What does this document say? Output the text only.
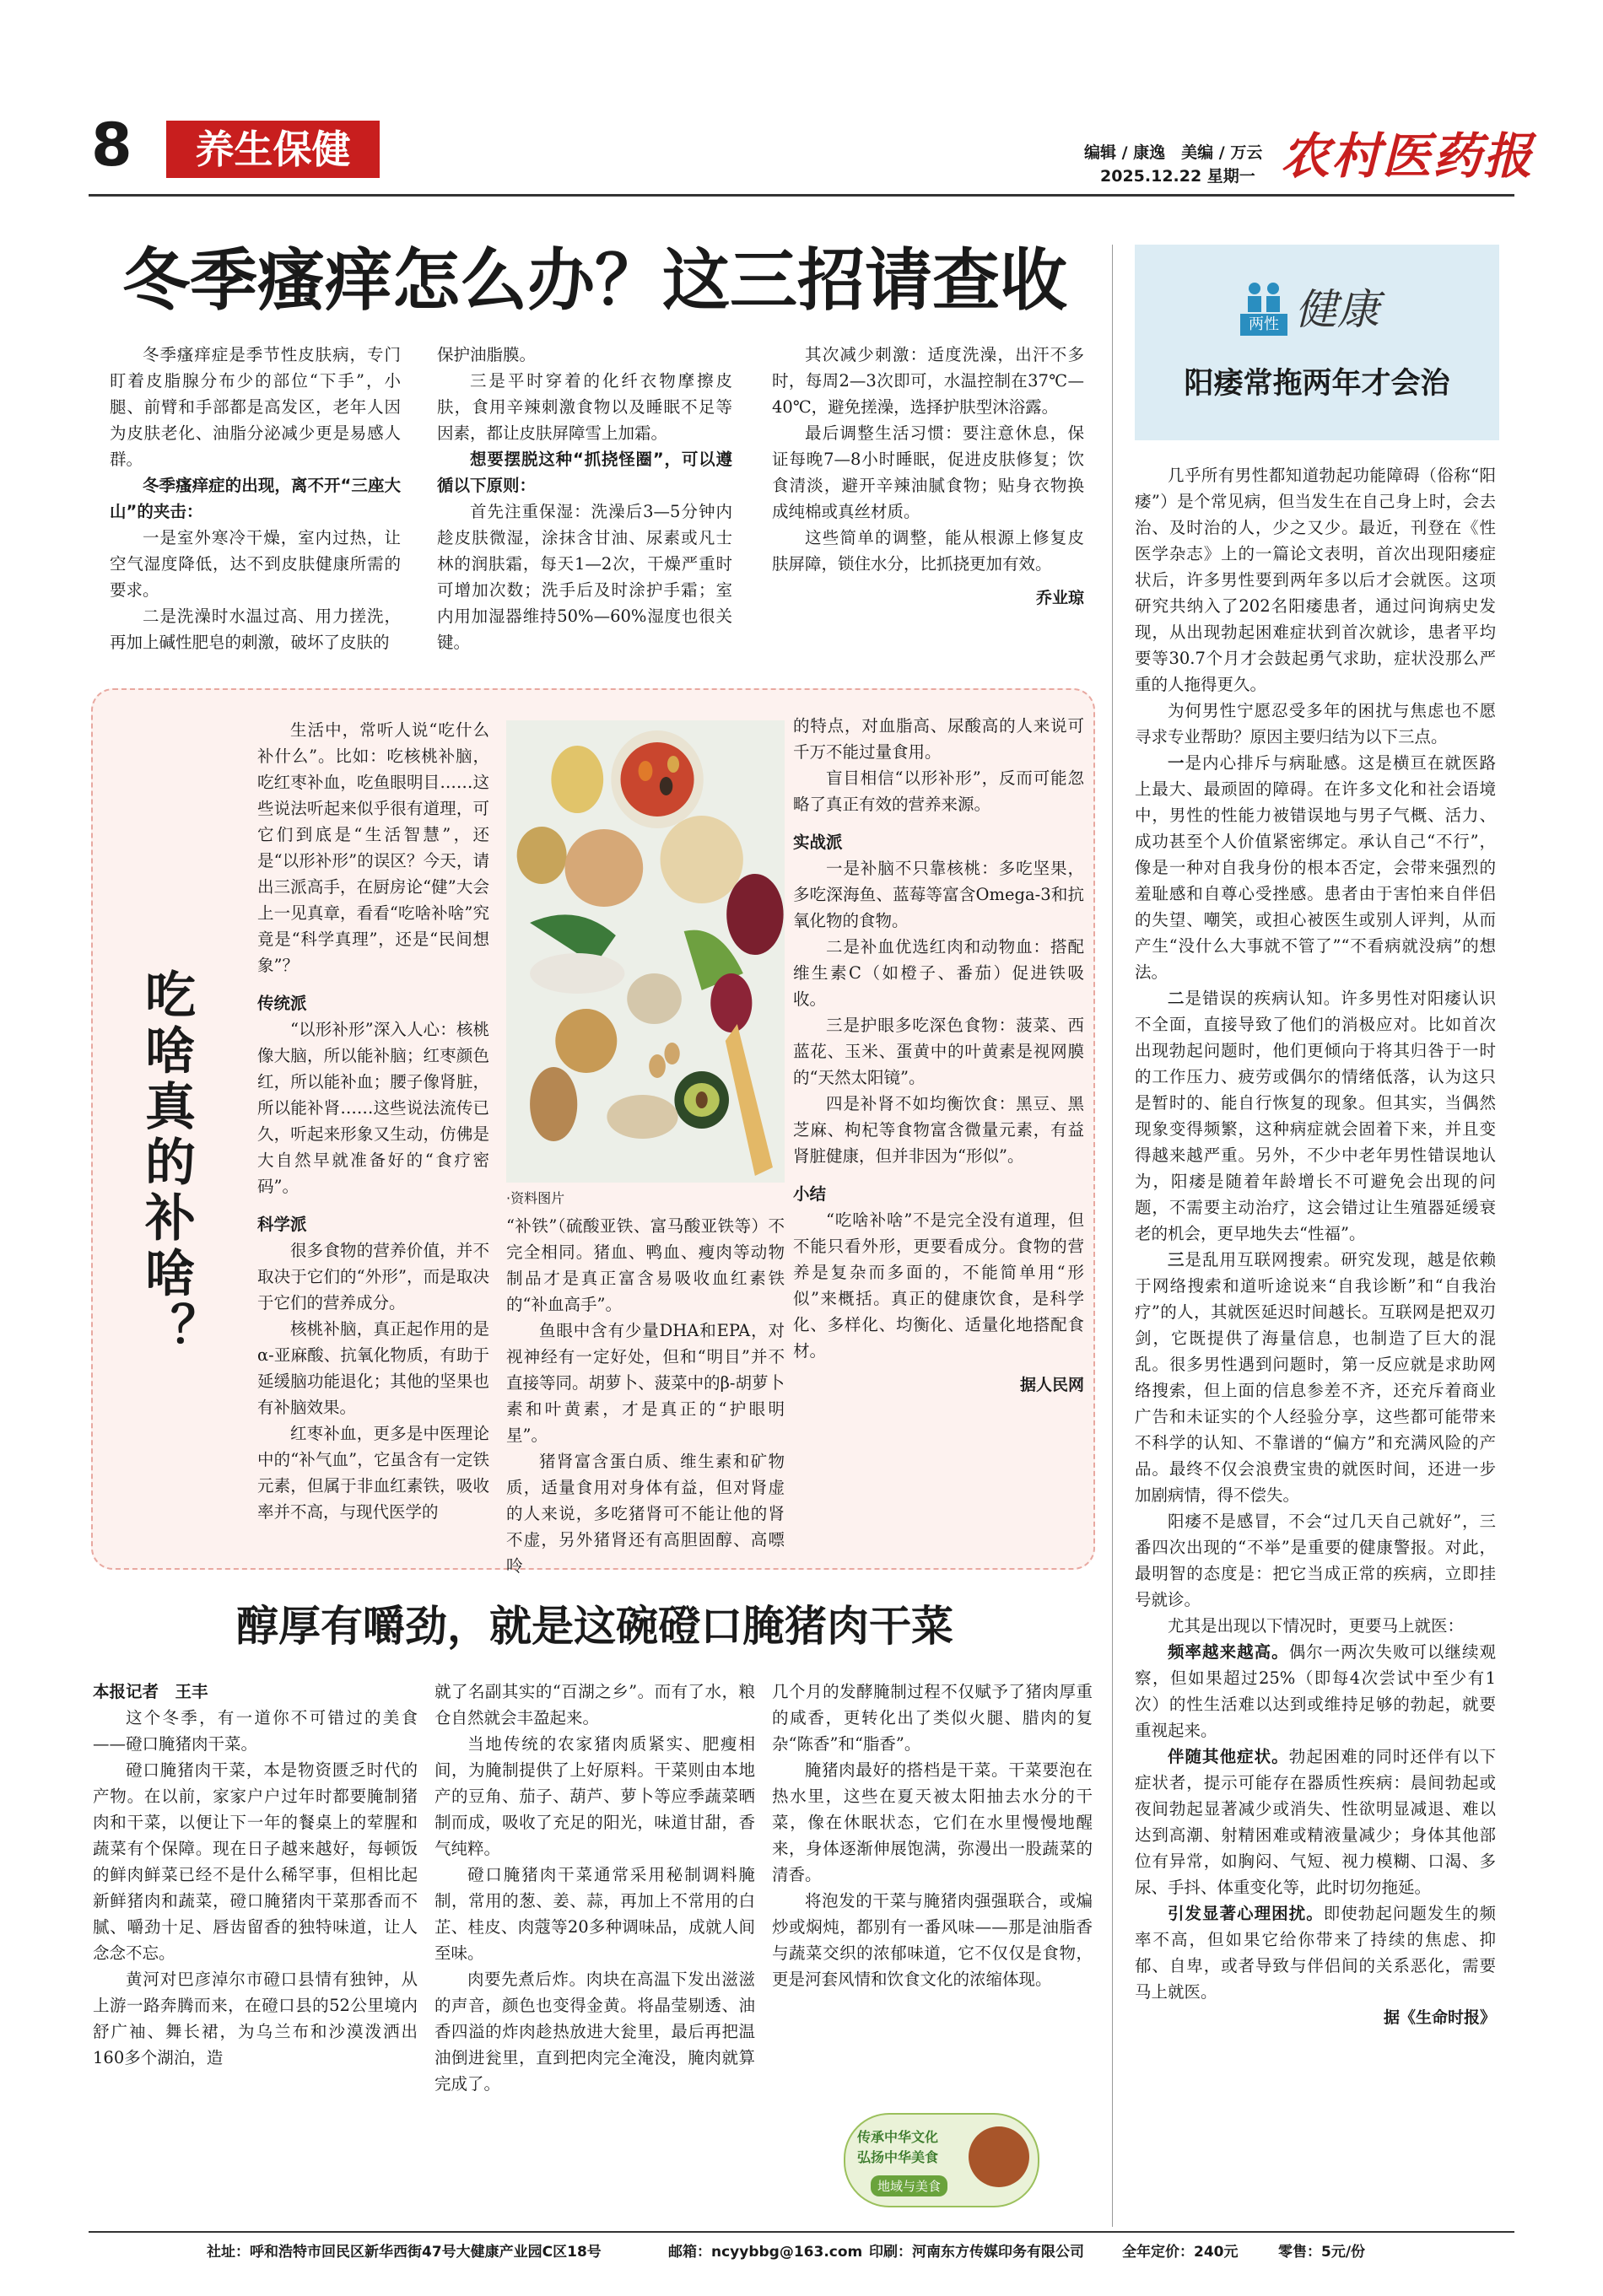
8	养生保健	编辑 / 康逸　美编 / 万云
2025.12.22 星期一 农村医药报
冬季瘙痒怎么办？这三招请查收

冬季瘙痒症是季节性皮肤病，专门盯着皮脂腺分布少的部位“下手”，小腿、前臂和手部都是高发区，老年人因为皮肤老化、油脂分泌减少更是易感人群。

冬季瘙痒症的出现，离不开“三座大山”的夹击：

一是室外寒冷干燥，室内过热，让空气湿度降低，达不到皮肤健康所需的要求。

二是洗澡时水温过高、用力搓洗，再加上碱性肥皂的刺激，破坏了皮肤的

保护油脂膜。

三是平时穿着的化纤衣物摩擦皮肤，食用辛辣刺激食物以及睡眠不足等因素，都让皮肤屏障雪上加霜。

想要摆脱这种“抓挠怪圈”，可以遵循以下原则：

首先注重保湿：洗澡后3—5分钟内趁皮肤微湿，涂抹含甘油、尿素或凡士林的润肤霜，每天1—2次，干燥严重时可增加次数；洗手后及时涂护手霜；室内用加湿器维持50%—60%湿度也很关键。

其次减少刺激：适度洗澡，出汗不多时，每周2—3次即可，水温控制在37℃—40℃，避免搓澡，选择护肤型沐浴露。

最后调整生活习惯：要注意休息，保证每晚7—8小时睡眠，促进皮肤修复；饮食清淡，避开辛辣油腻食物；贴身衣物换成纯棉或真丝材质。

这些简单的调整，能从根源上修复皮肤屏障，锁住水分，比抓挠更加有效。

乔业琼
吃啥真的补啥？

生活中，常听人说“吃什么补什么”。比如：吃核桃补脑，吃红枣补血，吃鱼眼明目……这些说法听起来似乎很有道理，可它们到底是“生活智慧”，还是“以形补形”的误区？今天，请出三派高手，在厨房论“健”大会上一见真章，看看“吃啥补啥”究竟是“科学真理”，还是“民间想象”？

传统派

“以形补形”深入人心：核桃像大脑，所以能补脑；红枣颜色红，所以能补血；腰子像肾脏，所以能补肾……这些说法流传已久，听起来形象又生动，仿佛是大自然早就准备好的“食疗密码”。

科学派

很多食物的营养价值，并不取决于它们的“外形”，而是取决于它们的营养成分。

核桃补脑，真正起作用的是α-亚麻酸、抗氧化物质，有助于延缓脑功能退化；其他的坚果也有补脑效果。

红枣补血，更多是中医理论中的“补气血”，它虽含有一定铁元素，但属于非血红素铁，吸收率并不高，与现代医学的

·资料图片

“补铁”（硫酸亚铁、富马酸亚铁等）不完全相同。猪血、鸭血、瘦肉等动物制品才是真正富含易吸收血红素铁的“补血高手”。

鱼眼中含有少量DHA和EPA，对视神经有一定好处，但和“明目”并不直接等同。胡萝卜、菠菜中的β-胡萝卜素和叶黄素，才是真正的“护眼明星”。

猪肾富含蛋白质、维生素和矿物质，适量食用对身体有益，但对肾虚的人来说，多吃猪肾可不能让他的肾不虚，另外猪肾还有高胆固醇、高嘌呤

的特点，对血脂高、尿酸高的人来说可千万不能过量食用。

盲目相信“以形补形”，反而可能忽略了真正有效的营养来源。

实战派

一是补脑不只靠核桃：多吃坚果，多吃深海鱼、蓝莓等富含Omega-3和抗氧化物的食物。

二是补血优选红肉和动物血：搭配维生素C（如橙子、番茄）促进铁吸收。

三是护眼多吃深色食物：菠菜、西蓝花、玉米、蛋黄中的叶黄素是视网膜的“天然太阳镜”。

四是补肾不如均衡饮食：黑豆、黑芝麻、枸杞等食物富含微量元素，有益肾脏健康，但并非因为“形似”。

小结

“吃啥补啥”不是完全没有道理，但不能只看外形，更要看成分。食物的营养是复杂而多面的，不能简单用“形似”来概括。真正的健康饮食，是科学化、多样化、均衡化、适量化地搭配食材。

据人民网
醇厚有嚼劲，就是这碗磴口腌猪肉干菜

本报记者　王丰

这个冬季，有一道你不可错过的美食——磴口腌猪肉干菜。

磴口腌猪肉干菜，本是物资匮乏时代的产物。在以前，家家户户过年时都要腌制猪肉和干菜，以便让下一年的餐桌上的荤腥和蔬菜有个保障。现在日子越来越好，每顿饭的鲜肉鲜菜已经不是什么稀罕事，但相比起新鲜猪肉和蔬菜，磴口腌猪肉干菜那香而不腻、嚼劲十足、唇齿留香的独特味道，让人念念不忘。

黄河对巴彦淖尔市磴口县情有独钟，从上游一路奔腾而来，在磴口县的52公里境内舒广袖、舞长裙，为乌兰布和沙漠泼洒出160多个湖泊，造

就了名副其实的“百湖之乡”。而有了水，粮仓自然就会丰盈起来。

当地传统的农家猪肉质紧实、肥瘦相间，为腌制提供了上好原料。干菜则由本地产的豆角、茄子、葫芦、萝卜等应季蔬菜晒制而成，吸收了充足的阳光，味道甘甜，香气纯粹。

磴口腌猪肉干菜通常采用秘制调料腌制，常用的葱、姜、蒜，再加上不常用的白芷、桂皮、肉蔻等20多种调味品，成就人间至味。

肉要先煮后炸。肉块在高温下发出滋滋的声音，颜色也变得金黄。将晶莹剔透、油香四溢的炸肉趁热放进大瓮里，最后再把温油倒进瓮里，直到把肉完全淹没，腌肉就算完成了。

几个月的发酵腌制过程不仅赋予了猪肉厚重的咸香，更转化出了类似火腿、腊肉的复杂“陈香”和“脂香”。

腌猪肉最好的搭档是干菜。干菜要泡在热水里，这些在夏天被太阳抽去水分的干菜，像在休眠状态，它们在水里慢慢地醒来，身体逐渐伸展饱满，弥漫出一股蔬菜的清香。

将泡发的干菜与腌猪肉强强联合，或煸炒或焖炖，都别有一番风味——那是油脂香与蔬菜交织的浓郁味道，它不仅仅是食物，更是河套风情和饮食文化的浓缩体现。

传承中华文化
弘扬中华美食
地域与美食
两性 健康
阳痿常拖两年才会治

几乎所有男性都知道勃起功能障碍（俗称“阳痿”）是个常见病，但当发生在自己身上时，会去治、及时治的人，少之又少。最近，刊登在《性医学杂志》上的一篇论文表明，首次出现阳痿症状后，许多男性要到两年多以后才会就医。这项研究共纳入了202名阳痿患者，通过问询病史发现，从出现勃起困难症状到首次就诊，患者平均要等30.7个月才会鼓起勇气求助，症状没那么严重的人拖得更久。

为何男性宁愿忍受多年的困扰与焦虑也不愿寻求专业帮助？原因主要归结为以下三点。

一是内心排斥与病耻感。这是横亘在就医路上最大、最顽固的障碍。在许多文化和社会语境中，男性的性能力被错误地与男子气概、活力、成功甚至个人价值紧密绑定。承认自己“不行”，像是一种对自我身份的根本否定，会带来强烈的羞耻感和自尊心受挫感。患者由于害怕来自伴侣的失望、嘲笑，或担心被医生或别人评判，从而产生“没什么大事就不管了”“不看病就没病”的想法。

二是错误的疾病认知。许多男性对阳痿认识不全面，直接导致了他们的消极应对。比如首次出现勃起问题时，他们更倾向于将其归咎于一时的工作压力、疲劳或偶尔的情绪低落，认为这只是暂时的、能自行恢复的现象。但其实，当偶然现象变得频繁，这种病症就会固着下来，并且变得越来越严重。另外，不少中老年男性错误地认为，阳痿是随着年龄增长不可避免会出现的问题，不需要主动治疗，这会错过让生殖器延缓衰老的机会，更早地失去“性福”。

三是乱用互联网搜索。研究发现，越是依赖于网络搜索和道听途说来“自我诊断”和“自我治疗”的人，其就医延迟时间越长。互联网是把双刃剑，它既提供了海量信息，也制造了巨大的混乱。很多男性遇到问题时，第一反应就是求助网络搜索，但上面的信息参差不齐，还充斥着商业广告和未证实的个人经验分享，这些都可能带来不科学的认知、不靠谱的“偏方”和充满风险的产品。最终不仅会浪费宝贵的就医时间，还进一步加剧病情，得不偿失。

阳痿不是感冒，不会“过几天自己就好”，三番四次出现的“不举”是重要的健康警报。对此，最明智的态度是：把它当成正常的疾病，立即挂号就诊。

尤其是出现以下情况时，更要马上就医：

频率越来越高。偶尔一两次失败可以继续观察，但如果超过25%（即每4次尝试中至少有1次）的性生活难以达到或维持足够的勃起，就要重视起来。

伴随其他症状。勃起困难的同时还伴有以下症状者，提示可能存在器质性疾病：晨间勃起或夜间勃起显著减少或消失、性欲明显减退、难以达到高潮、射精困难或精液量减少；身体其他部位有异常，如胸闷、气短、视力模糊、口渴、多尿、手抖、体重变化等，此时切勿拖延。

引发显著心理困扰。即使勃起问题发生的频率不高，但如果它给你带来了持续的焦虑、抑郁、自卑，或者导致与伴侣间的关系恶化，需要马上就医。

据《生命时报》
社址：呼和浩特市回民区新华西街47号大健康产业园C区18号	邮箱：ncyybbg@163.com 印刷：河南东方传媒印务有限公司	全年定价：240元	零售：5元/份
